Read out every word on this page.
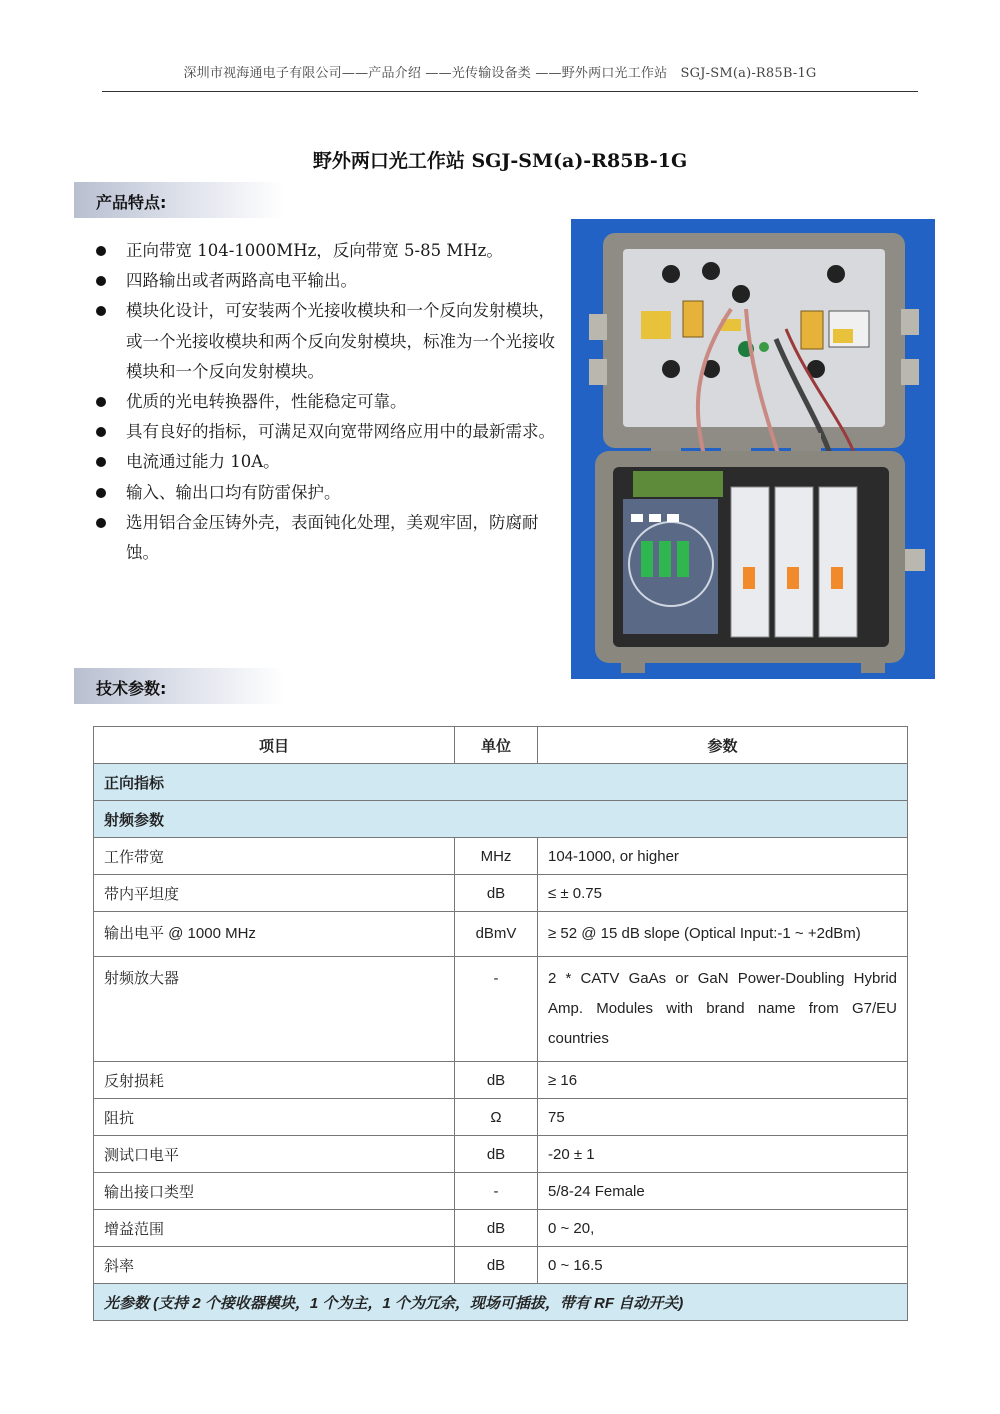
深圳市视海通电子有限公司——产品介绍 ——光传输设备类 ——野外两口光工作站　SGJ-SM(a)-R85B-1G
野外两口光工作站 SGJ-SM(a)-R85B-1G
产品特点:
正向带宽 104-1000MHz，反向带宽 5-85 MHz。
四路输出或者两路高电平输出。
模块化设计，可安装两个光接收模块和一个反向发射模块，或一个光接收模块和两个反向发射模块，标准为一个光接收模块和一个反向发射模块。
优质的光电转换器件，性能稳定可靠。
具有良好的指标，可满足双向宽带网络应用中的最新需求。
电流通过能力 10A。
输入、输出口均有防雷保护。
选用铝合金压铸外壳，表面钝化处理，美观牢固，防腐耐蚀。
技术参数:
项目	单位	参数
正向指标		
射频参数		
工作带宽	MHz	104-1000, or higher
带内平坦度	dB	≤ ± 0.75
输出电平 @ 1000 MHz	dBmV	≥ 52 @ 15 dB slope (Optical Input:-1 ~ +2dBm)
射频放大器	-	2 * CATV GaAs or GaN Power-Doubling Hybrid Amp. Modules with brand name from G7/EU countries
反射损耗	dB	≥ 16
阻抗	Ω	75
测试口电平	dB	-20 ± 1
输出接口类型	-	5/8-24 Female
增益范围	dB	0 ~ 20,
斜率	dB	0 ~ 16.5
光参数 (支持 2 个接收器模块，1 个为主，1 个为冗余，现场可插拔，带有 RF 自动开关)		
